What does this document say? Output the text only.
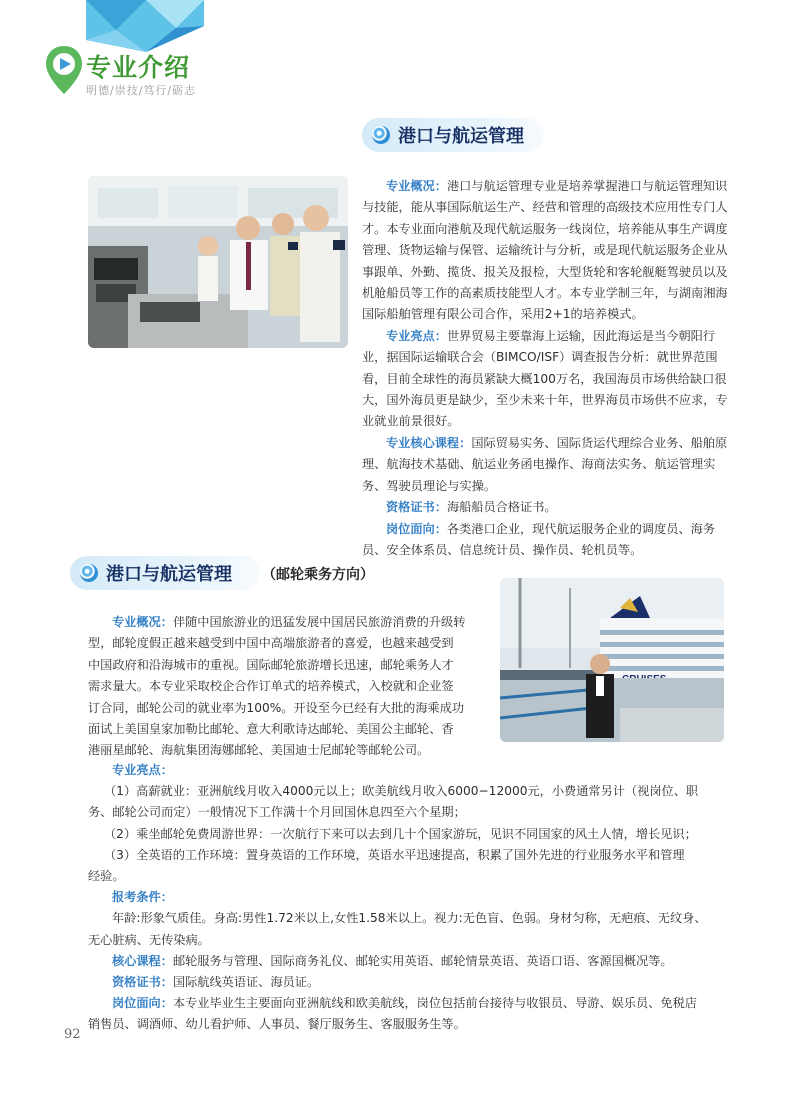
专业介绍
明德/崇技/笃行/砺志
港口与航运管理
专业概况：港口与航运管理专业是培养掌握港口与航运管理知识
与技能，能从事国际航运生产、经营和管理的高级技术应用性专门人
才。本专业面向港航及现代航运服务一线岗位，培养能从事生产调度
管理、货物运输与保管、运输统计与分析，或是现代航运服务企业从
事跟单、外勤、揽货、报关及报检，大型货轮和客轮舰艇驾驶员以及
机舱船员等工作的高素质技能型人才。本专业学制三年，与湖南湘海
国际船舶管理有限公司合作，采用2+1的培养模式。
专业亮点：世界贸易主要靠海上运输，因此海运是当今朝阳行
业，据国际运输联合会（BIMCO/ISF）调查报告分析：就世界范围
看，目前全球性的海员紧缺大概100万名，我国海员市场供给缺口很
大，国外海员更是缺少，至少未来十年，世界海员市场供不应求，专
业就业前景很好。
专业核心课程：国际贸易实务、国际货运代理综合业务、船舶原
理、航海技术基础、航运业务函电操作、海商法实务、航运管理实
务、驾驶员理论与实操。
资格证书：海船船员合格证书。
岗位面向：各类港口企业，现代航运服务企业的调度员、海务
员、安全体系员、信息统计员、操作员、轮机员等。
港口与航运管理 （邮轮乘务方向）
专业概况：伴随中国旅游业的迅猛发展中国居民旅游消费的升级转
型，邮轮度假正越来越受到中国中高端旅游者的喜爱，也越来越受到
中国政府和沿海城市的重视。国际邮轮旅游增长迅速，邮轮乘务人才
需求量大。本专业采取校企合作订单式的培养模式，入校就和企业签
订合同，邮轮公司的就业率为100%。开设至今已经有大批的海乘成功
面试上美国皇家加勒比邮轮、意大利歌诗达邮轮、美国公主邮轮、香
港丽星邮轮、海航集团海娜邮轮、美国迪士尼邮轮等邮轮公司。

专业亮点：

（1）高薪就业：亚洲航线月收入4000元以上；欧美航线月收入6000−12000元，小费通常另计（视岗位、职

务、邮轮公司而定）一般情况下工作满十个月回国休息四至六个星期；

（2）乘坐邮轮免费周游世界：一次航行下来可以去到几十个国家游玩，见识不同国家的风土人情，增长见识；

（3）全英语的工作环境：置身英语的工作环境，英语水平迅速提高，积累了国外先进的行业服务水平和管理

经验。

报考条件：

年龄:形象气质佳。身高:男性1.72米以上,女性1.58米以上。视力:无色盲、色弱。身材匀称，无疤痕、无纹身、

无心脏病、无传染病。

核心课程：邮轮服务与管理、国际商务礼仪、邮轮实用英语、邮轮情景英语、英语口语、客源国概况等。

资格证书：国际航线英语证、海员证。

岗位面向：本专业毕业生主要面向亚洲航线和欧美航线，岗位包括前台接待与收银员、导游、娱乐员、免税店

销售员、调酒师、幼儿看护师、人事员、餐厅服务生、客服服务生等。

92
